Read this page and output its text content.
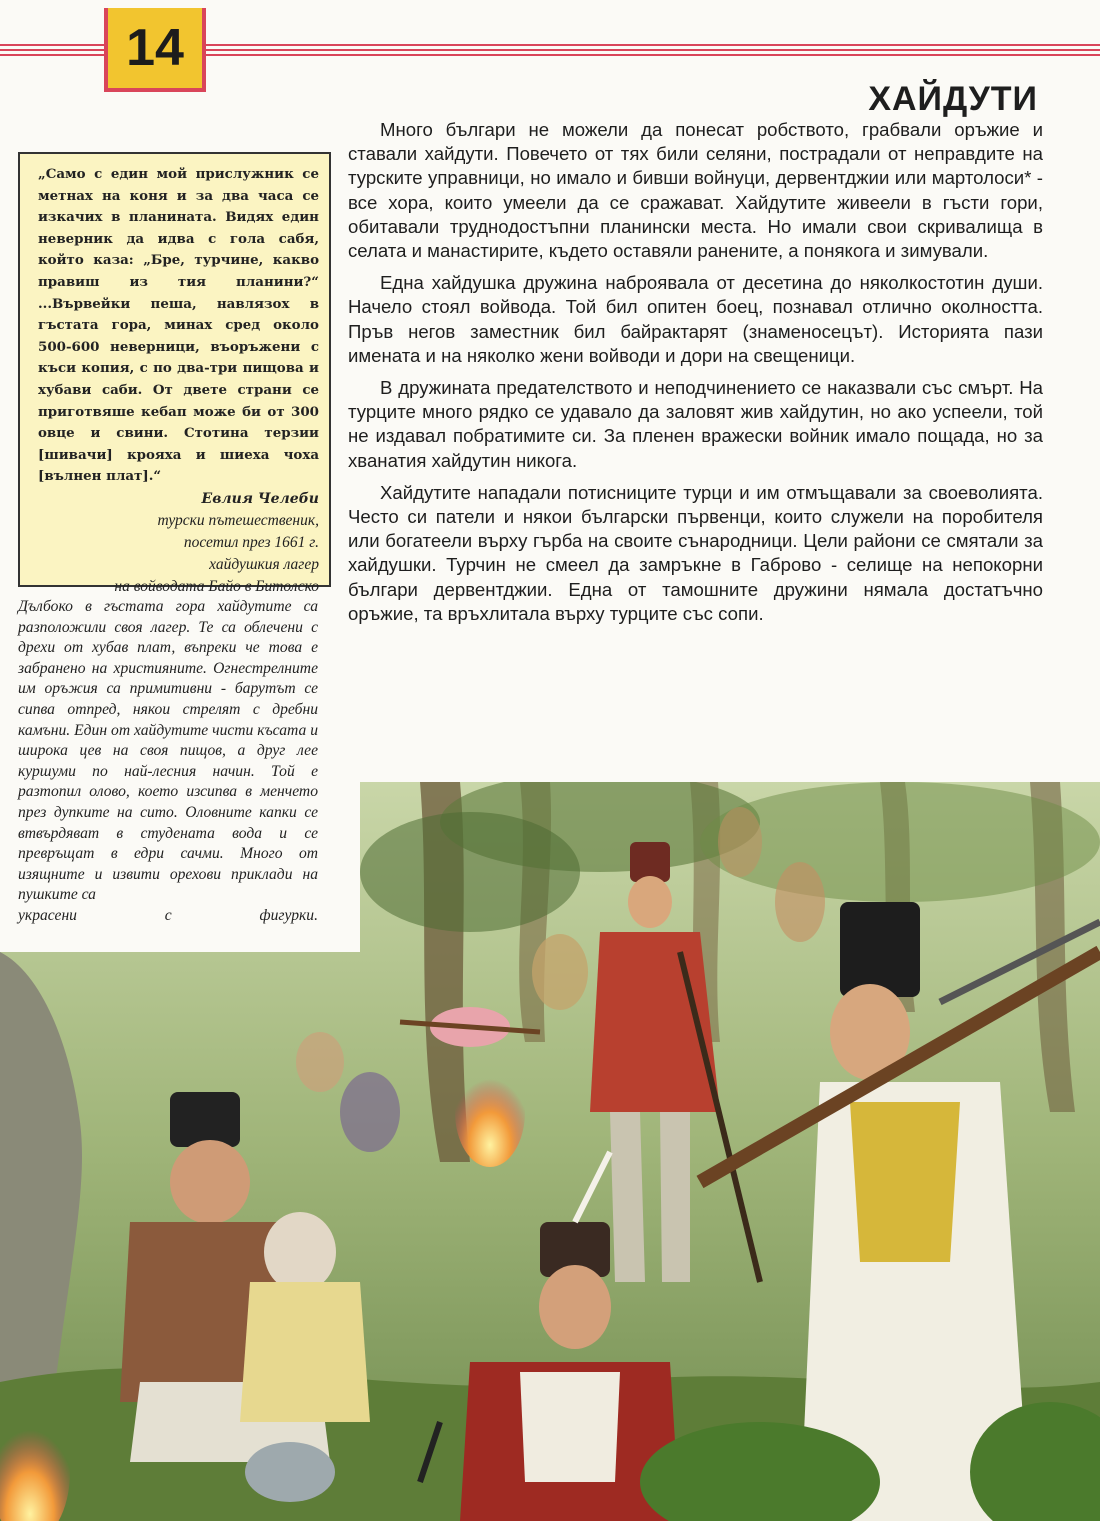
14
ХАЙДУТИ

„Само с един мой прислужник се метнах на коня и за два часа се изкачих в планината. Видях един неверник да идва с гола сабя, който каза: „Бре, турчине, какво правиш из тия планини?“ ...Вървейки пеша, навлязох в гъстата гора, минах сред около 500-600 неверници, въоръжени с къси копия, с по два-три пищова и хубави саби. От двете страни се приготвяше кебап може би от 300 овце и свини. Стотина терзии [шивачи] крояха и шиеха чоха [вълнен плат].“

Евлия Челеби

турски пътешественик,

посетил през 1661 г.

хайдушкия лагер

на войводата Байо в Битолско

Дълбоко в гъстата гора хайдутите са разположили своя лагер. Те са облечени с дрехи от хубав плат, въпреки че това е забранено на християните. Огнестрелните им оръжия са примитивни - барутът се сипва отпред, някои стрелят с дребни камъни. Един от хайдутите чисти късата и широка цев на своя пищов, а друг лее куршуми по най-лесния начин. Той е разтопил олово, което изсипва в менчето през дупките на сито. Оловните капки се втвърдяват в студената вода и се превръщат в едри сачми. Много от изящните и извити орехови приклади на пушките са
украсени с фигурки.

Много българи не можели да понесат робството, грабвали оръжие и ставали хайдути. Повечето от тях били селяни, пострадали от неправдите на турските управници, но имало и бивши войнуци, дервентджии или мартолоси* - все хора, които умеели да се сражават. Хайдутите живеели в гъсти гори, обитавали труднодостъпни планински места. Но имали свои скривалища в селата и манастирите, където оставяли ранените, а понякога и зимували.

Една хайдушка дружина наброявала от десетина до няколкостотин души. Начело стоял войвода. Той бил опитен боец, познавал отлично околността. Пръв негов заместник бил байрактарят (знаменосецът). Историята пази имената и на няколко жени войводи и дори на свещеници.

В дружината предателството и неподчинението се наказвали със смърт. На турците много рядко се удавало да заловят жив хайдутин, но ако успеели, той не издавал побратимите си. За пленен вражески войник имало пощада, но за хванатия хайдутин никога.

Хайдутите нападали потисниците турци и им отмъщавали за своеволията. Често си патели и някои български първенци, които служели на поробителя или богатеели върху гърба на своите сънародници. Цели райони се смятали за хайдушки. Турчин не смеел да замръкне в Габрово - селище на непокорни българи дервентджии. Една от тамошните дружини нямала достатъчно оръжие, та връхлитала върху турците със сопи.
